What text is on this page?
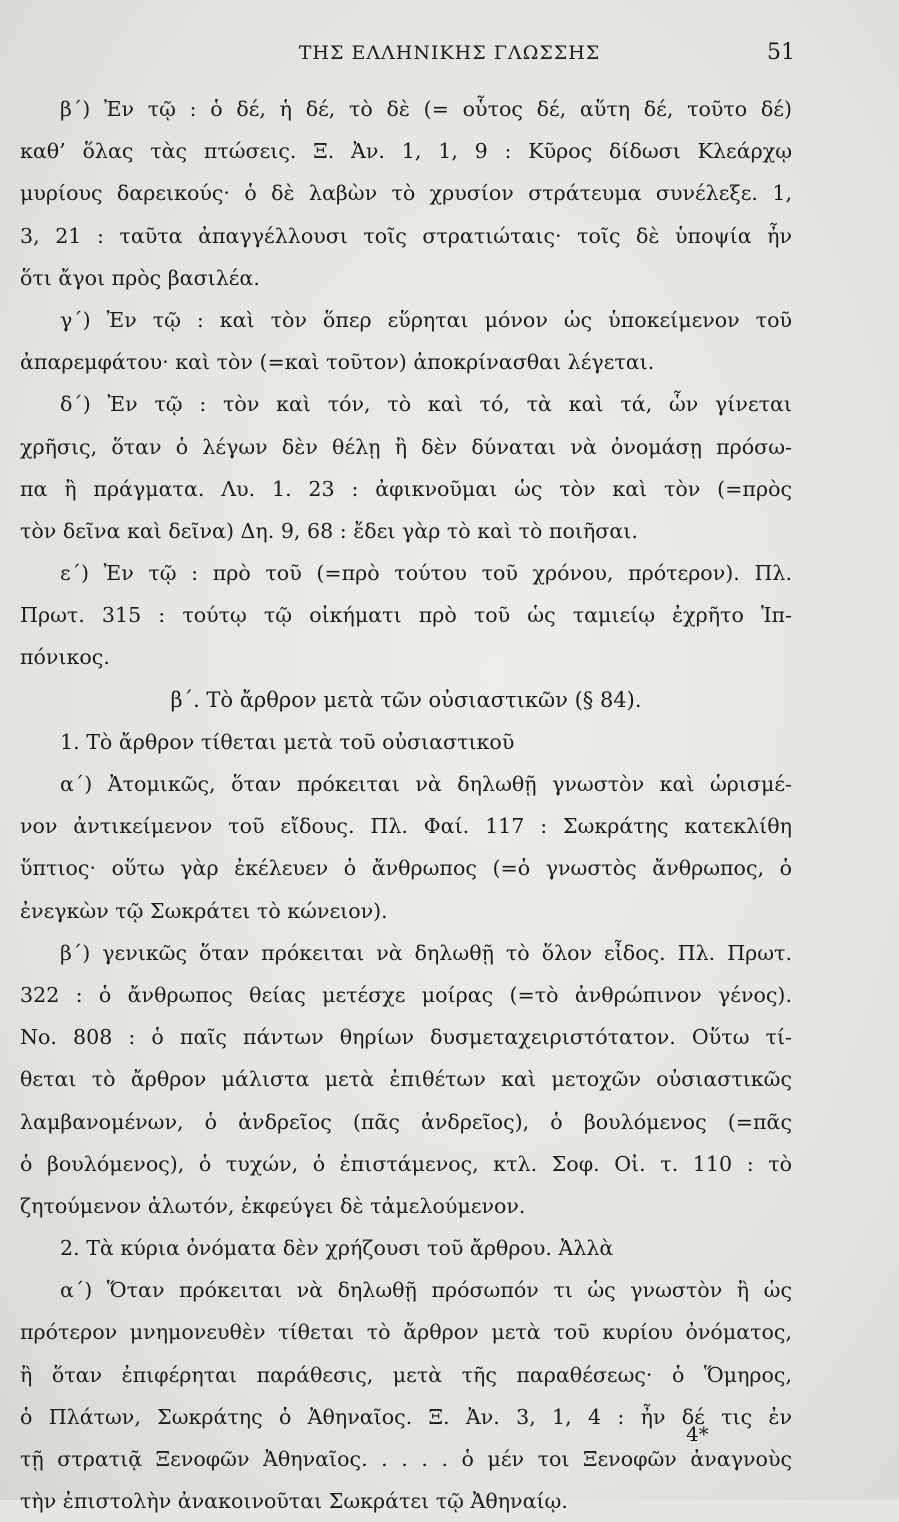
ΤΗΣ ΕΛΛΗΝΙΚΗΣ ΓΛΩΣΣΗΣ	51
β΄) Ἐν τῷ : ὁ δέ, ἡ δέ, τὸ δὲ (= οὗτος δέ, αὕτη δέ, τοῦτο δέ)
καθ’ ὅλας τὰς πτώσεις. Ξ. Ἀν. 1, 1, 9 : Κῦρος δίδωσι Κλεάρχῳ
μυρίους δαρεικούς· ὁ δὲ λαβὼν τὸ χρυσίον στράτευμα συνέλεξε. 1,
3, 21 : ταῦτα ἀπαγγέλλουσι τοῖς στρατιώταις· τοῖς δὲ ὑποψία ἦν
ὅτι ἄγοι πρὸς βασιλέα.
γ΄) Ἐν τῷ : καὶ τὸν ὅπερ εὕρηται μόνον ὡς ὑποκείμενον τοῦ
ἀπαρεμφάτου· καὶ τὸν (=καὶ τοῦτον) ἀποκρίνασθαι λέγεται.
δ΄) Ἐν τῷ : τὸν καὶ τόν, τὸ καὶ τό, τὰ καὶ τά, ὧν γίνεται
χρῆσις, ὅταν ὁ λέγων δὲν θέλῃ ἢ δὲν δύναται νὰ ὀνομάσῃ πρόσω-
πα ἢ πράγματα. Λυ. 1. 23 : ἀφικνοῦμαι ὡς τὸν καὶ τὸν (=πρὸς
τὸν δεῖνα καὶ δεῖνα) Δη. 9, 68 : ἔδει γὰρ τὸ καὶ τὸ ποιῆσαι.
ε΄) Ἐν τῷ : πρὸ τοῦ (=πρὸ τούτου τοῦ χρόνου, πρότερον). Πλ.
Πρωτ. 315 : τούτῳ τῷ οἰκήματι πρὸ τοῦ ὡς ταμιείῳ ἐχρῆτο Ἱπ-
πόνικος.
β΄. Τὸ ἄρθρον μετὰ τῶν οὐσιαστικῶν (§ 84).
1. Τὸ ἄρθρον τίθεται μετὰ τοῦ οὐσιαστικοῦ
α΄) Ἀτομικῶς, ὅταν πρόκειται νὰ δηλωθῇ γνωστὸν καὶ ὡρισμέ-
νον ἀντικείμενον τοῦ εἴδους. Πλ. Φαί. 117 : Σωκράτης κατεκλίθη
ὕπτιος· οὕτω γὰρ ἐκέλευεν ὁ ἄνθρωπος (=ὁ γνωστὸς ἄνθρωπος, ὁ
ἐνεγκὼν τῷ Σωκράτει τὸ κώνειον).
β΄) γενικῶς ὅταν πρόκειται νὰ δηλωθῇ τὸ ὅλον εἶδος. Πλ. Πρωτ.
322 : ὁ ἄνθρωπος θείας μετέσχε μοίρας (=τὸ ἀνθρώπινον γένος).
Νο. 808 : ὁ παῖς πάντων θηρίων δυσμεταχειριστότατον. Οὕτω τί-
θεται τὸ ἄρθρον μάλιστα μετὰ ἐπιθέτων καὶ μετοχῶν οὐσιαστικῶς
λαμβανομένων, ὁ ἀνδρεῖος (πᾶς ἀνδρεῖος), ὁ βουλόμενος (=πᾶς
ὁ βουλόμενος), ὁ τυχών, ὁ ἐπιστάμενος, κτλ. Σοφ. Οἰ. τ. 110 : τὸ
ζητούμενον ἁλωτόν, ἐκφεύγει δὲ τἀμελούμενον.
2. Τὰ κύρια ὀνόματα δὲν χρήζουσι τοῦ ἄρθρου. Ἀλλὰ
α΄) Ὅταν πρόκειται νὰ δηλωθῇ πρόσωπόν τι ὡς γνωστὸν ἢ ὡς
πρότερον μνημονευθὲν τίθεται τὸ ἄρθρον μετὰ τοῦ κυρίου ὀνόματος,
ἢ ὅταν ἐπιφέρηται παράθεσις, μετὰ τῆς παραθέσεως· ὁ Ὅμηρος,
ὁ Πλάτων, Σωκράτης ὁ Ἀθηναῖος. Ξ. Ἀν. 3, 1, 4 : ἦν δέ τις ἐν
τῇ στρατιᾷ Ξενοφῶν Ἀθηναῖος. . . . . ὁ μέν τοι Ξενοφῶν ἀναγνοὺς
τὴν ἐπιστολὴν ἀνακοινοῦται Σωκράτει τῷ Ἀθηναίῳ.
4*
